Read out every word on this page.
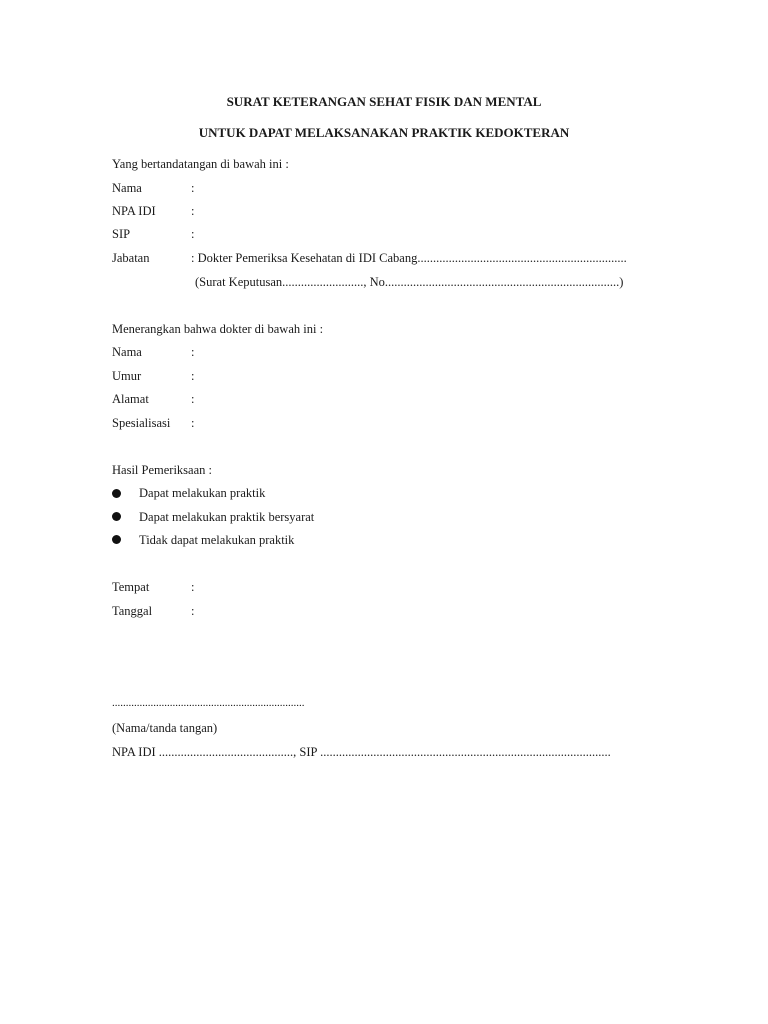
SURAT KETERANGAN SEHAT FISIK DAN MENTAL
UNTUK DAPAT MELAKSANAKAN PRAKTIK KEDOKTERAN
Yang bertandatangan di bawah ini :
Nama	:
NPA IDI	:
SIP	:
Jabatan	: Dokter Pemeriksa Kesehatan di IDI Cabang...................................................................
(Surat Keputusan.........................., No...........................................................................)
Menerangkan bahwa dokter di bawah ini :
Nama	:
Umur	:
Alamat	:
Spesialisasi :
Hasil Pemeriksaan :
Dapat melakukan praktik
Dapat melakukan praktik bersyarat
Tidak dapat melakukan praktik
Tempat	:
Tanggal	:
......................................................................
(Nama/tanda tangan)
NPA IDI ..........................................., SIP .............................................................................................
